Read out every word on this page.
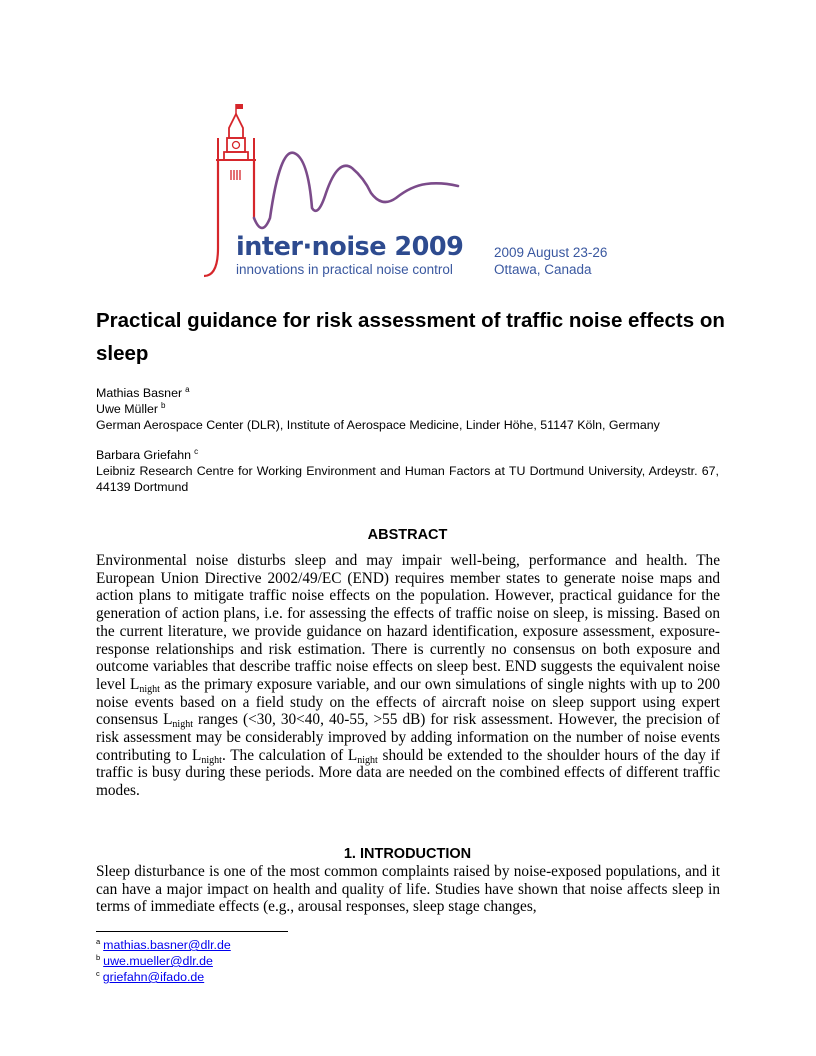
inter·noise 2009
innovations in practical noise control
2009 August 23-26
Ottawa, Canada
Practical guidance for risk assessment of traffic noise effects on sleep
Mathias Basner $^a$
Uwe Müller $^b$
German Aerospace Center (DLR), Institute of Aerospace Medicine, Linder Höhe, 51147 Köln, Germany
Barbara Griefahn $^c$
Leibniz Research Centre for Working Environment and Human Factors at TU Dortmund University, Ardeystr. 67, 44139 Dortmund
ABSTRACT

Environmental noise disturbs sleep and may impair well-being, performance and health. The European Union Directive 2002/49/EC (END) requires member states to generate noise maps and action plans to mitigate traffic noise effects on the population. However, practical guidance for the generation of action plans, i.e. for assessing the effects of traffic noise on sleep, is missing. Based on the current literature, we provide guidance on hazard identification, exposure assessment, exposure-response relationships and risk estimation. There is currently no consensus on both exposure and outcome variables that describe traffic noise effects on sleep best. END suggests the equivalent noise level $L_{night}$ as the primary exposure variable, and our own simulations of single nights with up to 200 noise events based on a field study on the effects of aircraft noise on sleep support using expert consensus $L_{night}$ ranges (<30, 30<40, 40-55, >55 dB) for risk assessment. However, the precision of risk assessment may be considerably improved by adding information on the number of noise events contributing to $L_{night}$. The calculation of $L_{night}$ should be extended to the shoulder hours of the day if traffic is busy during these periods. More data are needed on the combined effects of different traffic modes.

1. INTRODUCTION

Sleep disturbance is one of the most common complaints raised by noise-exposed populations, and it can have a major impact on health and quality of life. Studies have shown that noise affects sleep in terms of immediate effects (e.g., arousal responses, sleep stage changes,

$^a$ mathias.basner@dlr.de
$^b$ uwe.mueller@dlr.de
$^c$ griefahn@ifado.de
